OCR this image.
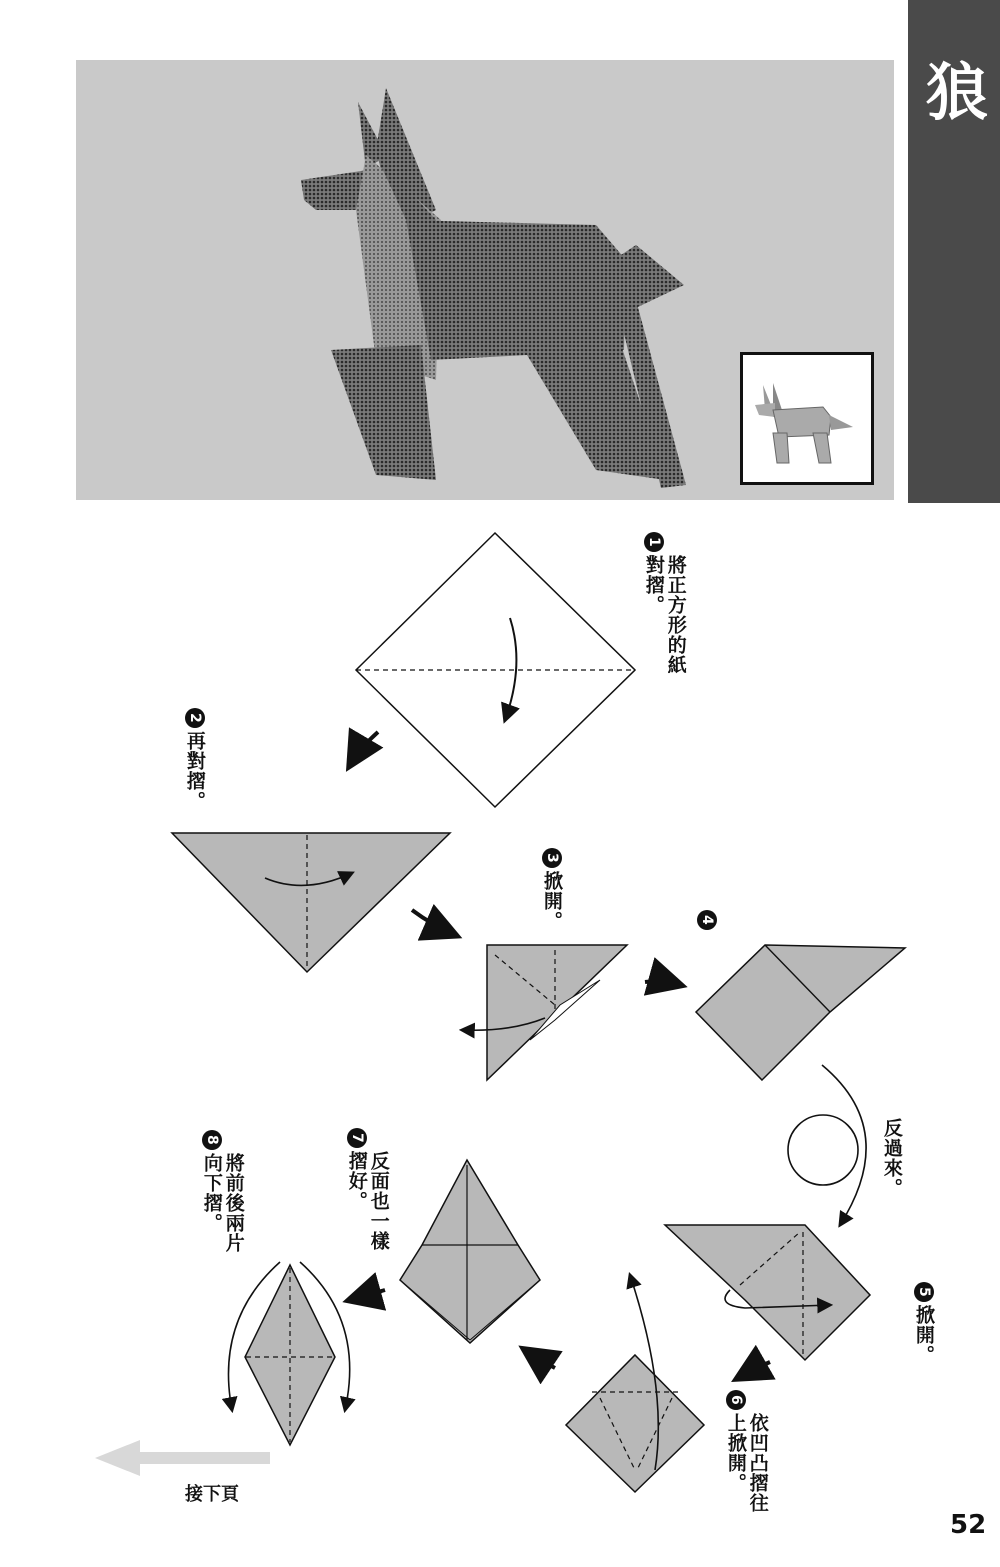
狼
1將正方形的紙對摺。
2再對摺。
3掀開。	4
反過來。
5掀開。
6依凹凸摺往上掀開。
7反面也一樣摺好。
8將前後兩片向下摺。
接下頁
52
